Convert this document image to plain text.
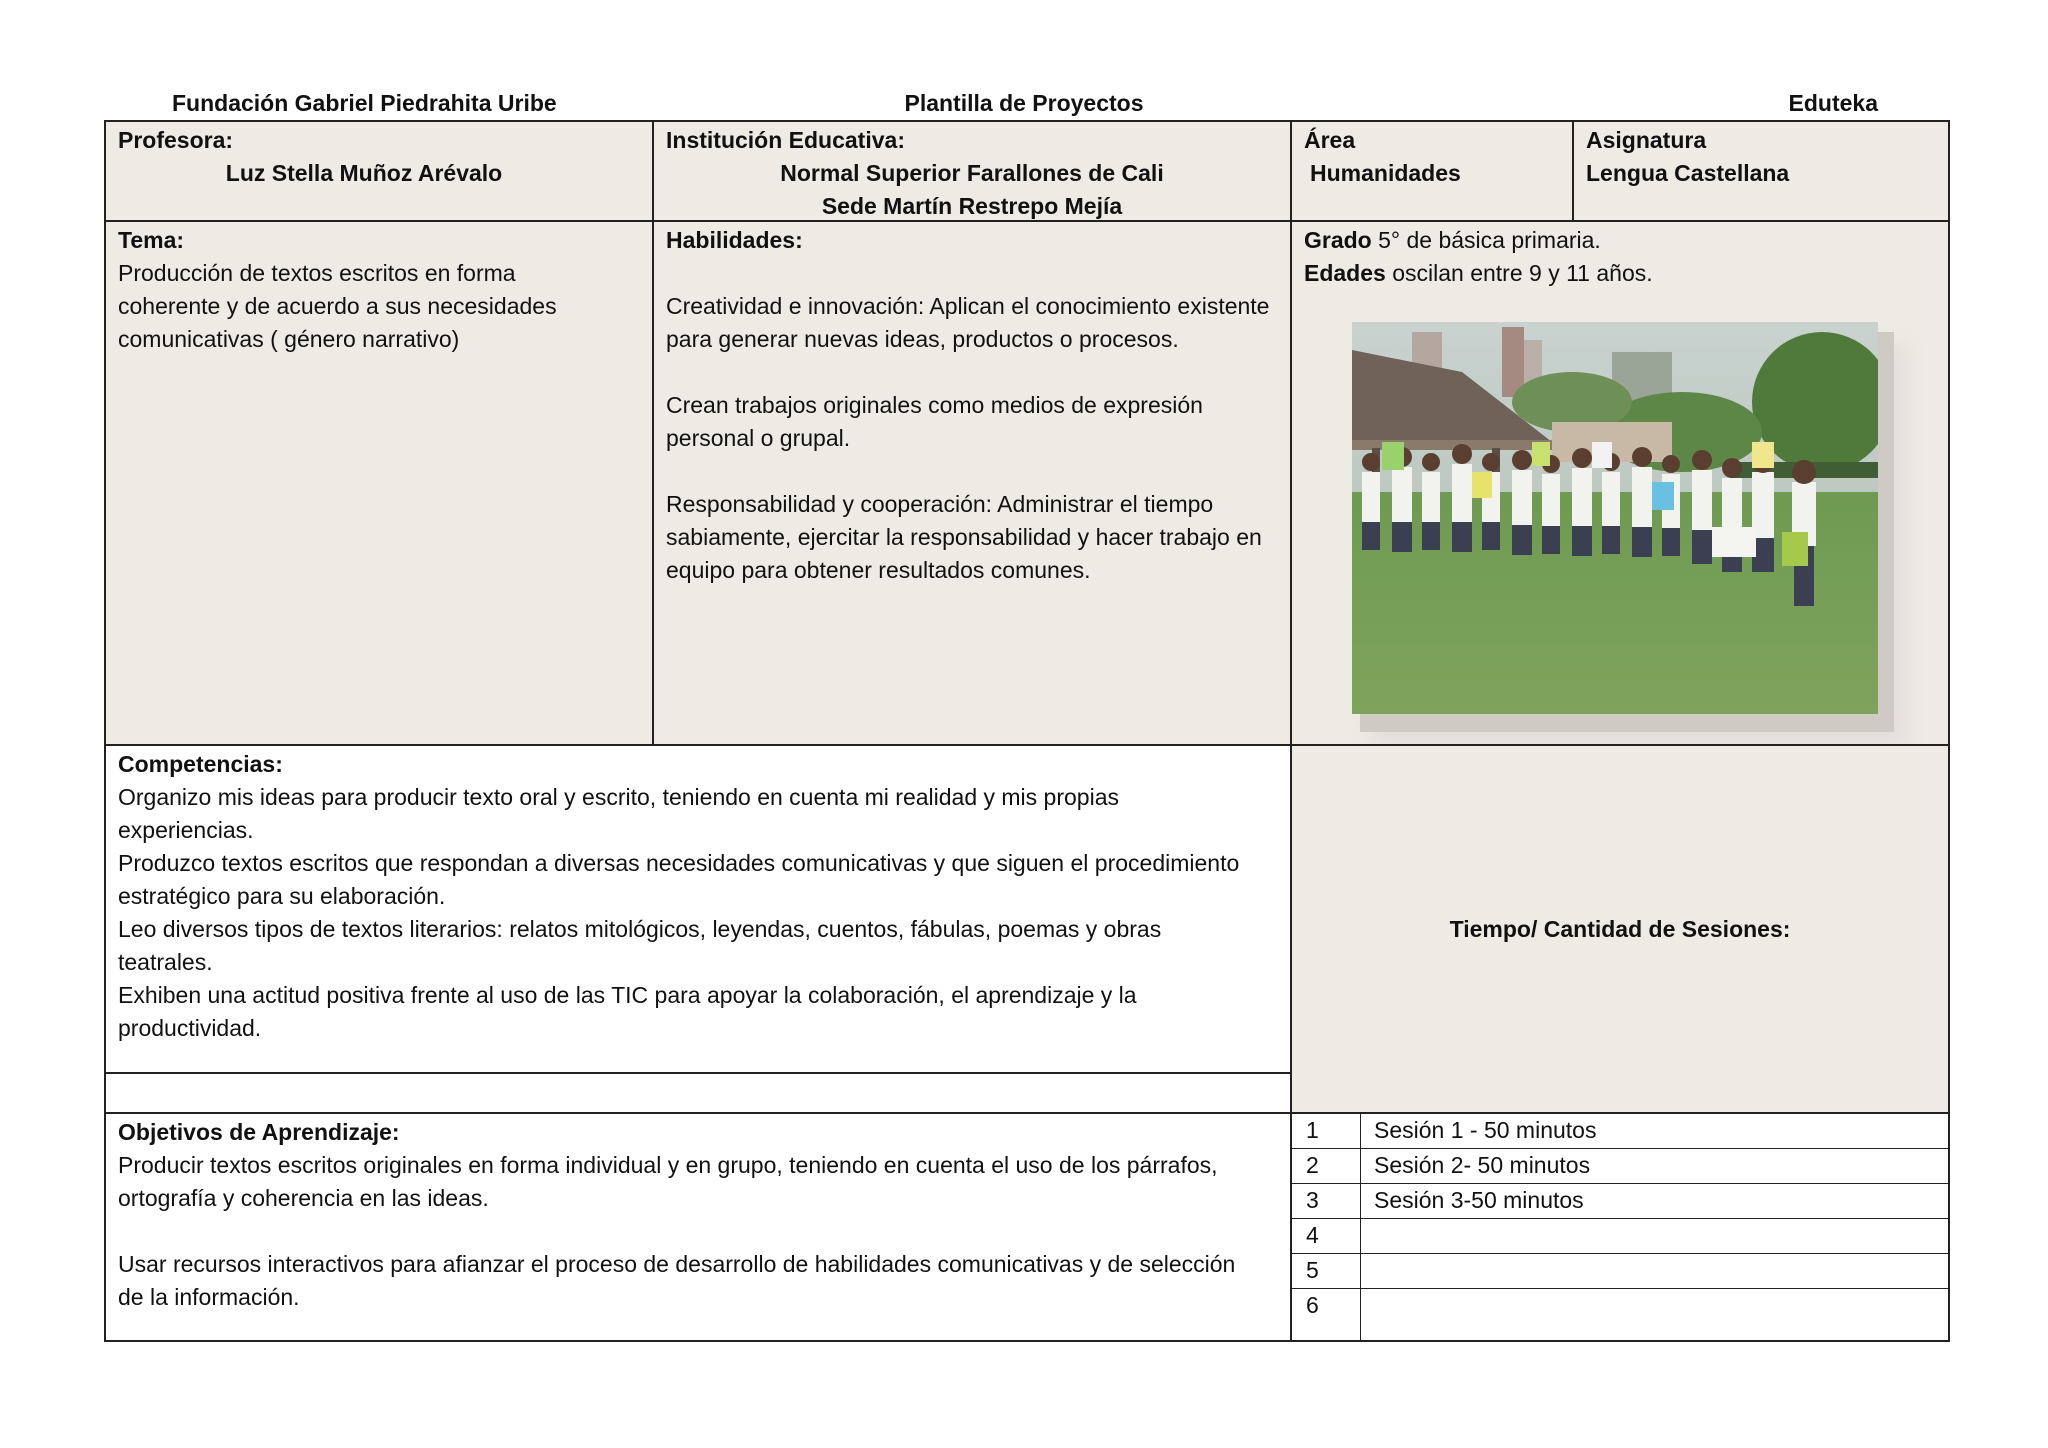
Fundación Gabriel Piedrahita Uribe	Plantilla de Proyectos	Eduteka
Profesora:
Luz Stella Muñoz Arévalo
Institución Educativa:
Normal Superior Farallones de Cali
Sede Martín Restrepo Mejía
Área
Humanidades
Asignatura
Lengua Castellana
Tema:
Producción de textos escritos en forma coherente y de acuerdo a sus necesidades comunicativas ( género narrativo)
Habilidades:

Creatividad e innovación: Aplican el conocimiento existente para generar nuevas ideas, productos o procesos.

Crean trabajos originales como medios de expresión personal o grupal.

Responsabilidad y cooperación: Administrar el tiempo sabiamente, ejercitar la responsabilidad y hacer trabajo en equipo para obtener resultados comunes.

Grado 5° de básica primaria.
Edades oscilan entre 9 y 11 años.
Competencias:

Organizo mis ideas para producir texto oral y escrito, teniendo en cuenta mi realidad y mis propias experiencias.

Produzco textos escritos que respondan a diversas necesidades comunicativas y que siguen el procedimiento estratégico para su elaboración.

Leo diversos tipos de textos literarios: relatos mitológicos, leyendas, cuentos, fábulas, poemas y obras teatrales.

Exhiben una actitud positiva frente al uso de las TIC para apoyar la colaboración, el aprendizaje y la productividad.

Tiempo/ Cantidad de Sesiones:
Objetivos de Aprendizaje:

Producir textos escritos originales en forma individual y en grupo, teniendo en cuenta el uso de los párrafos, ortografía y coherencia en las ideas.

Usar recursos interactivos para afianzar el proceso de desarrollo de habilidades comunicativas y de selección de la información.

1 Sesión 1 - 50 minutos
2 Sesión 2- 50 minutos
3 Sesión 3-50 minutos
4
5
6
